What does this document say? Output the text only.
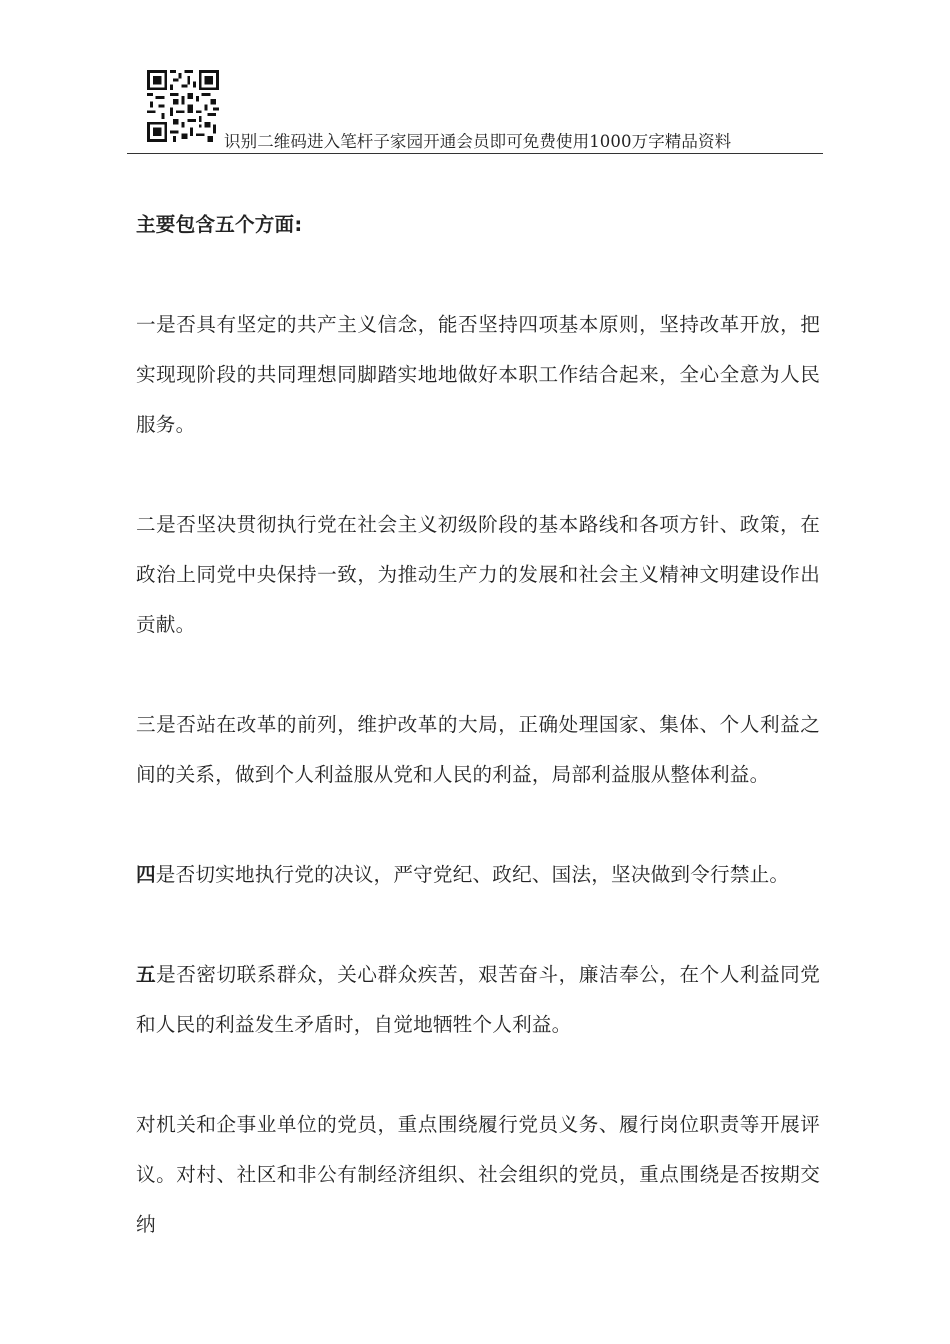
识别二维码进入笔杆子家园开通会员即可免费使用1000万字精品资料

主要包含五个方面:

一是否具有坚定的共产主义信念，能否坚持四项基本原则，坚持改革开放，把实现现阶段的共同理想同脚踏实地地做好本职工作结合起来，全心全意为人民服务。

二是否坚决贯彻执行党在社会主义初级阶段的基本路线和各项方针、政策，在政治上同党中央保持一致，为推动生产力的发展和社会主义精神文明建设作出贡献。

三是否站在改革的前列，维护改革的大局，正确处理国家、集体、个人利益之间的关系，做到个人利益服从党和人民的利益，局部利益服从整体利益。

四是否切实地执行党的决议，严守党纪、政纪、国法，坚决做到令行禁止。

五是否密切联系群众，关心群众疾苦，艰苦奋斗，廉洁奉公，在个人利益同党和人民的利益发生矛盾时，自觉地牺牲个人利益。

对机关和企事业单位的党员，重点围绕履行党员义务、履行岗位职责等开展评议。对村、社区和非公有制经济组织、社会组织的党员，重点围绕是否按期交纳
